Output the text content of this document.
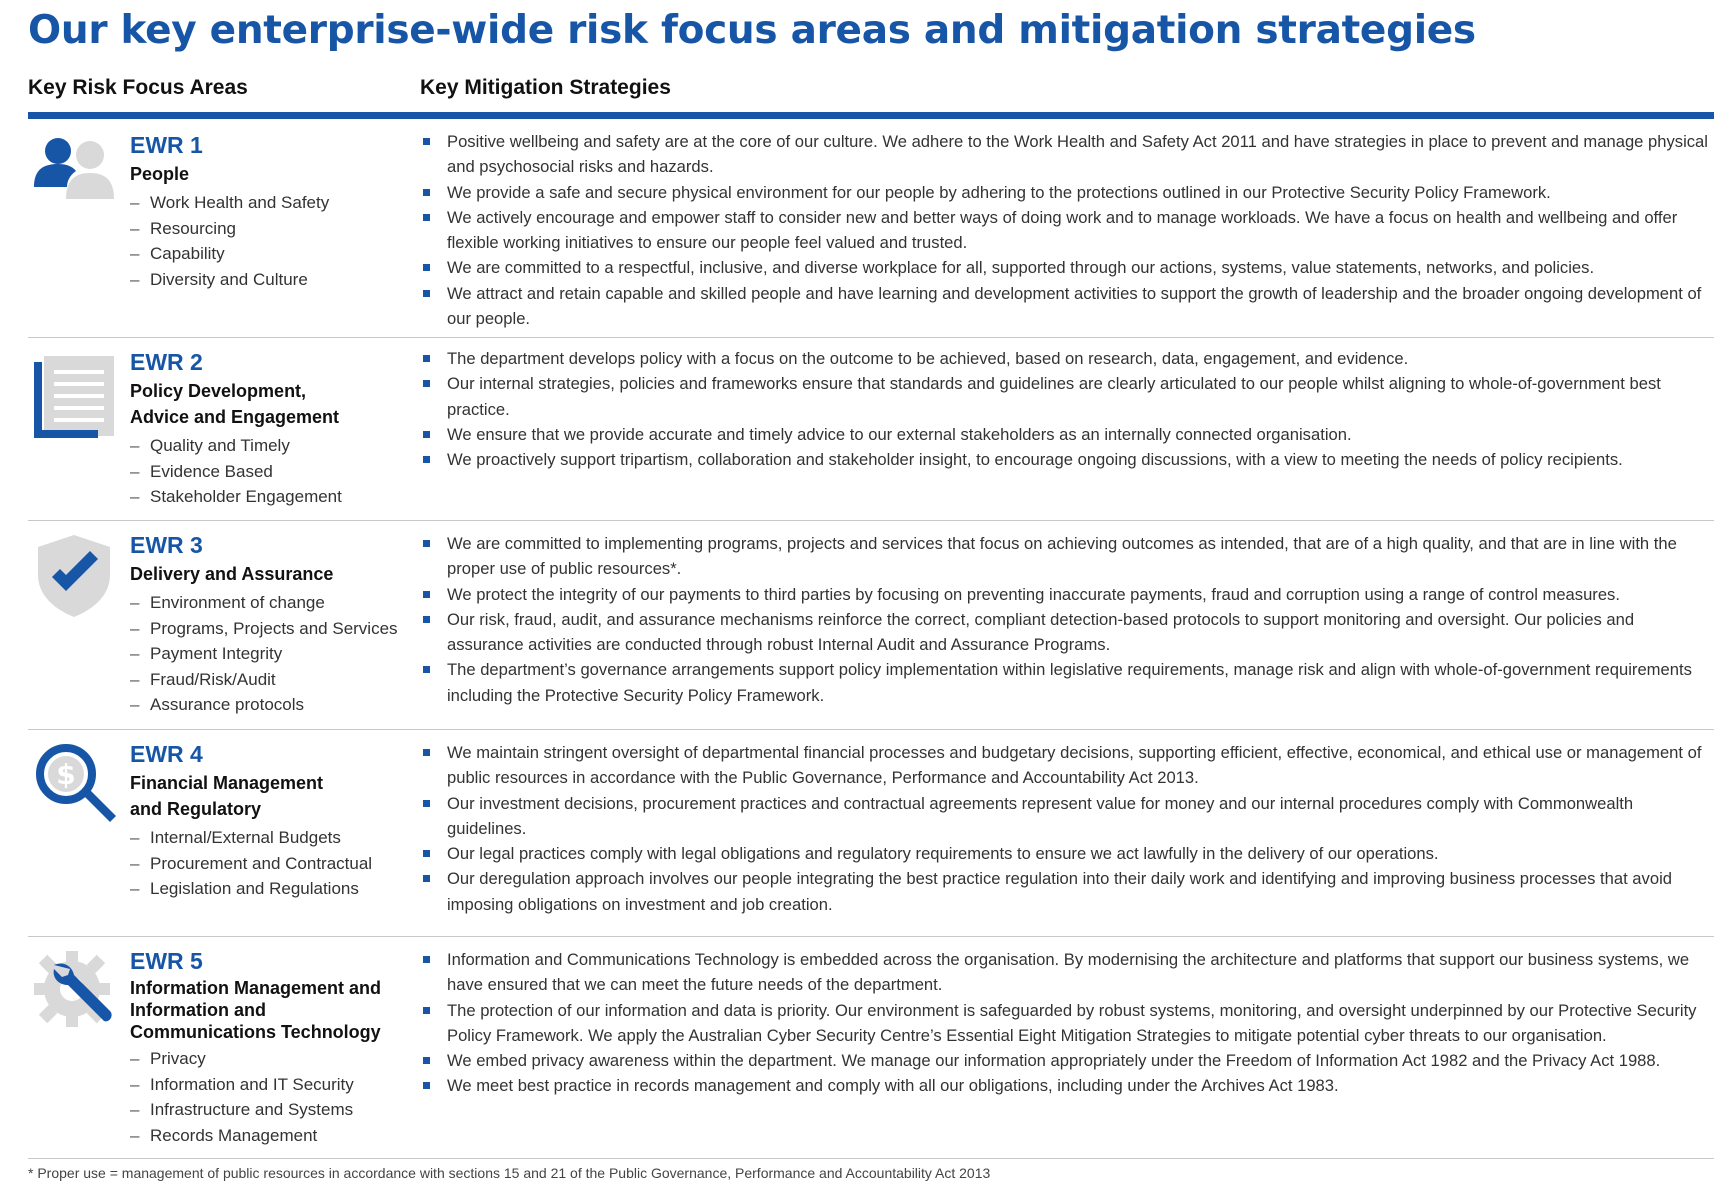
Our key enterprise-wide risk focus areas and mitigation strategies
Key Risk Focus Areas	Key Mitigation Strategies
EWR 1
People
– Work Health and Safety
– Resourcing
– Capability
– Diversity and Culture
Positive wellbeing and safety are at the core of our culture. We adhere to the Work Health and Safety Act 2011 and have strategies in place to prevent and manage physical and psychosocial risks and hazards.
We provide a safe and secure physical environment for our people by adhering to the protections outlined in our Protective Security Policy Framework.
We actively encourage and empower staff to consider new and better ways of doing work and to manage workloads. We have a focus on health and wellbeing and offer flexible working initiatives to ensure our people feel valued and trusted.
We are committed to a respectful, inclusive, and diverse workplace for all, supported through our actions, systems, value statements, networks, and policies.
We attract and retain capable and skilled people and have learning and development activities to support the growth of leadership and the broader ongoing development of our people.
EWR 2
Policy Development, Advice and Engagement
– Quality and Timely
– Evidence Based
– Stakeholder Engagement
The department develops policy with a focus on the outcome to be achieved, based on research, data, engagement, and evidence.
Our internal strategies, policies and frameworks ensure that standards and guidelines are clearly articulated to our people whilst aligning to whole-of-government best practice.
We ensure that we provide accurate and timely advice to our external stakeholders as an internally connected organisation.
We proactively support tripartism, collaboration and stakeholder insight, to encourage ongoing discussions, with a view to meeting the needs of policy recipients.
EWR 3
Delivery and Assurance
– Environment of change
– Programs, Projects and Services
– Payment Integrity
– Fraud/Risk/Audit
– Assurance protocols
We are committed to implementing programs, projects and services that focus on achieving outcomes as intended, that are of a high quality, and that are in line with the proper use of public resources*.
We protect the integrity of our payments to third parties by focusing on preventing inaccurate payments, fraud and corruption using a range of control measures.
Our risk, fraud, audit, and assurance mechanisms reinforce the correct, compliant detection-based protocols to support monitoring and oversight. Our policies and assurance activities are conducted through robust Internal Audit and Assurance Programs.
The department’s governance arrangements support policy implementation within legislative requirements, manage risk and align with whole-of-government requirements including the Protective Security Policy Framework.
$
EWR 4
Financial Management and Regulatory
– Internal/External Budgets
– Procurement and Contractual
– Legislation and Regulations
We maintain stringent oversight of departmental financial processes and budgetary decisions, supporting efficient, effective, economical, and ethical use or management of public resources in accordance with the Public Governance, Performance and Accountability Act 2013.
Our investment decisions, procurement practices and contractual agreements represent value for money and our internal procedures comply with Commonwealth guidelines.
Our legal practices comply with legal obligations and regulatory requirements to ensure we act lawfully in the delivery of our operations.
Our deregulation approach involves our people integrating the best practice regulation into their daily work and identifying and improving business processes that avoid imposing obligations on investment and job creation.
EWR 5
Information Management and Information and Communications Technology
– Privacy
– Information and IT Security
– Infrastructure and Systems
– Records Management
Information and Communications Technology is embedded across the organisation. By modernising the architecture and platforms that support our business systems, we have ensured that we can meet the future needs of the department.
The protection of our information and data is priority. Our environment is safeguarded by robust systems, monitoring, and oversight underpinned by our Protective Security Policy Framework. We apply the Australian Cyber Security Centre’s Essential Eight Mitigation Strategies to mitigate potential cyber threats to our organisation.
We embed privacy awareness within the department. We manage our information appropriately under the Freedom of Information Act 1982 and the Privacy Act 1988.
We meet best practice in records management and comply with all our obligations, including under the Archives Act 1983.
* Proper use = management of public resources in accordance with sections 15 and 21 of the Public Governance, Performance and Accountability Act 2013
